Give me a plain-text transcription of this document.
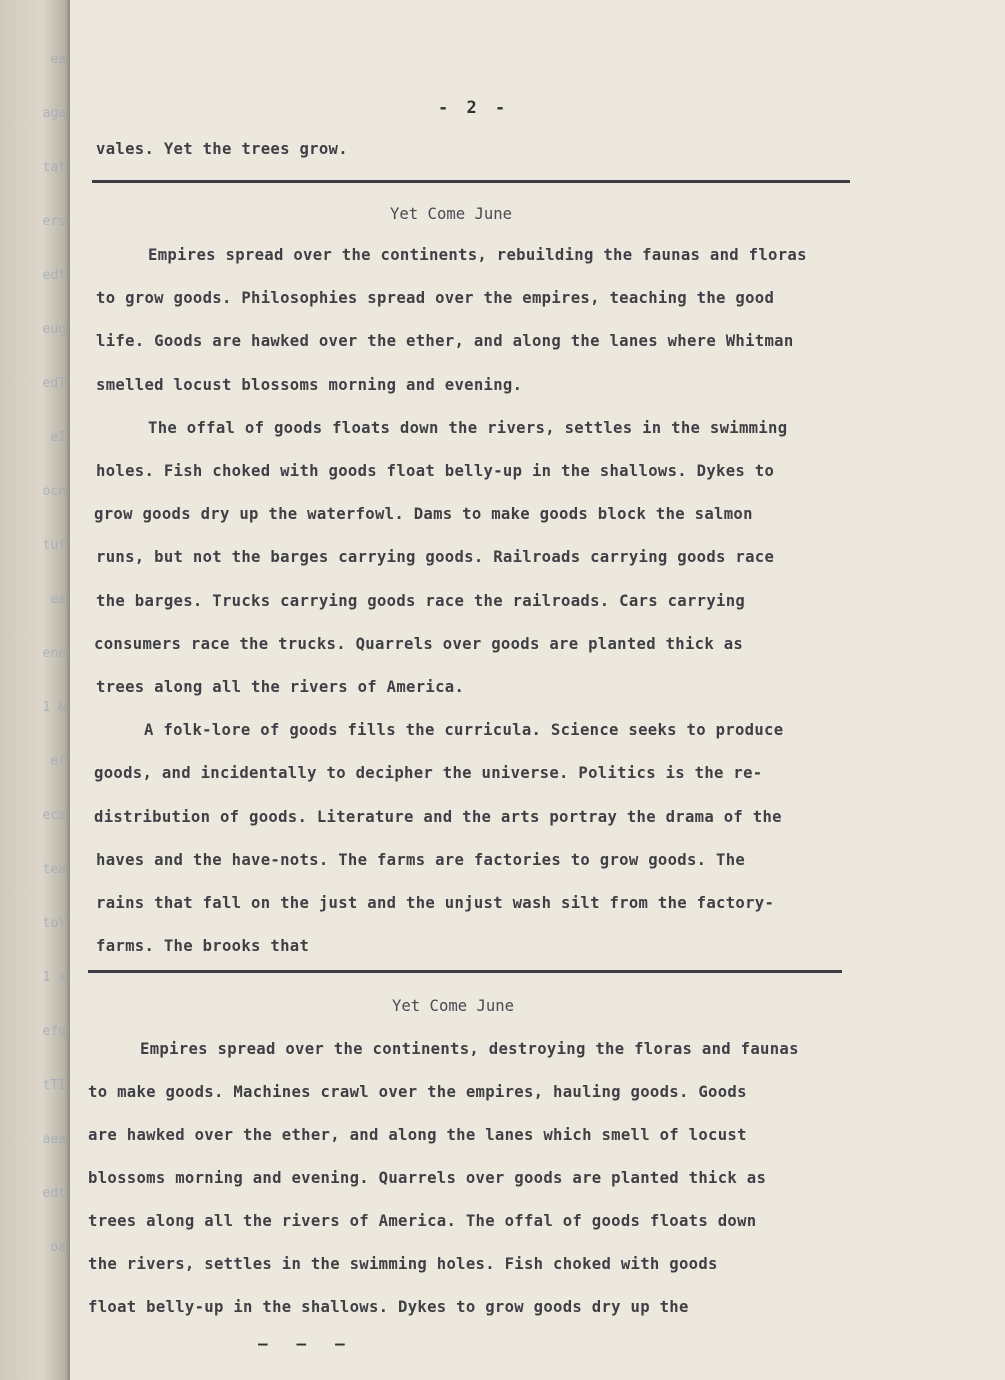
ea
aga
tat
ers
edt
eug
edT
eI
ocn
tuf
ea
ene
1 &
ef
eca
tea
toY
1 s
efq
tTI
aea
edt
oa

- 2 -

vales. Yet the trees grow.

Yet Come June

Empires spread over the continents, rebuilding the faunas and floras

to grow goods. Philosophies spread over the empires, teaching the good

life. Goods are hawked over the ether, and along the lanes where Whitman

smelled locust blossoms morning and evening.

The offal of goods floats down the rivers, settles in the swimming

holes. Fish choked with goods float belly-up in the shallows. Dykes to

grow goods dry up the waterfowl. Dams to make goods block the salmon

runs, but not the barges carrying goods. Railroads carrying goods race

the barges. Trucks carrying goods race the railroads. Cars carrying

consumers race the trucks. Quarrels over goods are planted thick as

trees along all the rivers of America.

A folk-lore of goods fills the curricula. Science seeks to produce

goods, and incidentally to decipher the universe. Politics is the re-

distribution of goods. Literature and the arts portray the drama of the

haves and the have-nots. The farms are factories to grow goods. The

rains that fall on the just and the unjust wash silt from the factory-

farms. The brooks that

Yet Come June

Empires spread over the continents, destroying the floras and faunas

to make goods. Machines crawl over the empires, hauling goods. Goods

are hawked over the ether, and along the lanes which smell of locust

blossoms morning and evening. Quarrels over goods are planted thick as

trees along all the rivers of America. The offal of goods floats down

the rivers, settles in the swimming holes. Fish choked with goods

float belly-up in the shallows. Dykes to grow goods dry up the

—   —   —
